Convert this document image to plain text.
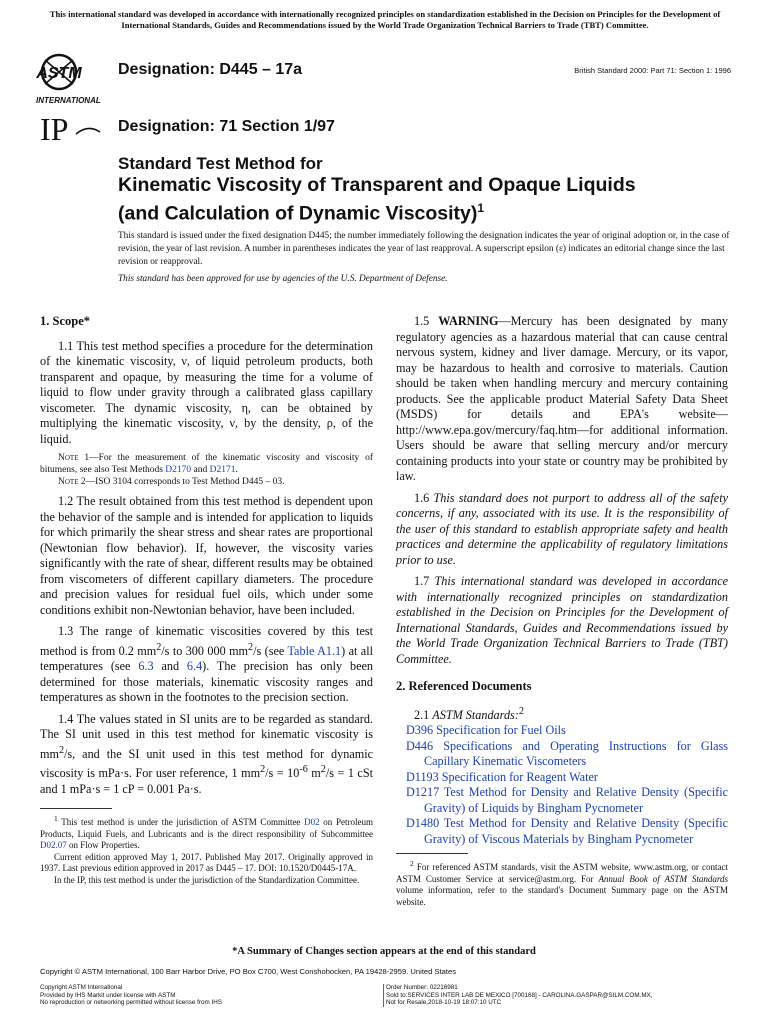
This international standard was developed in accordance with internationally recognized principles on standardization established in the Decision on Principles for the Development of International Standards, Guides and Recommendations issued by the World Trade Organization Technical Barriers to Trade (TBT) Committee.
ASTM
INTERNATIONAL
Designation: D445 – 17a	British Standard 2000: Part 71: Section 1: 1996
IP	Designation: 71 Section 1/97
Standard Test Method for
Kinematic Viscosity of Transparent and Opaque Liquids
(and Calculation of Dynamic Viscosity)$^1$

This standard is issued under the fixed designation D445; the number immediately following the designation indicates the year of original adoption or, in the case of revision, the year of last revision. A number in parentheses indicates the year of last reapproval. A superscript epsilon (ε) indicates an editorial change since the last revision or reapproval.

This standard has been approved for use by agencies of the U.S. Department of Defense.

1. Scope*

1.1 This test method specifies a procedure for the determination of the kinematic viscosity, ν, of liquid petroleum products, both transparent and opaque, by measuring the time for a volume of liquid to flow under gravity through a calibrated glass capillary viscometer. The dynamic viscosity, η, can be obtained by multiplying the kinematic viscosity, ν, by the density, ρ, of the liquid.

Note 1—For the measurement of the kinematic viscosity and viscosity of bitumens, see also Test Methods D2170 and D2171.

Note 2—ISO 3104 corresponds to Test Method D445 – 03.

1.2 The result obtained from this test method is dependent upon the behavior of the sample and is intended for application to liquids for which primarily the shear stress and shear rates are proportional (Newtonian flow behavior). If, however, the viscosity varies significantly with the rate of shear, different results may be obtained from viscometers of different capillary diameters. The procedure and precision values for residual fuel oils, which under some conditions exhibit non-Newtonian behavior, have been included.

1.3 The range of kinematic viscosities covered by this test method is from 0.2 $mm^2/s$ to 300 000 $mm^2/s$ (see Table A1.1) at all temperatures (see 6.3 and 6.4). The precision has only been determined for those materials, kinematic viscosity ranges and temperatures as shown in the footnotes to the precision section.

1.4 The values stated in SI units are to be regarded as standard. The SI unit used in this test method for kinematic viscosity is $mm^2/s$, and the SI unit used in this test method for dynamic viscosity is mPa·s. For user reference, 1 $mm^2/s = 10^{-6}$ $m^2/s = 1$ cSt and 1 mPa·s = 1 cP = 0.001 Pa·s.

1.5 WARNING—Mercury has been designated by many regulatory agencies as a hazardous material that can cause central nervous system, kidney and liver damage. Mercury, or its vapor, may be hazardous to health and corrosive to materials. Caution should be taken when handling mercury and mercury containing products. See the applicable product Material Safety Data Sheet (MSDS) for details and EPA's website—http://www.epa.gov/mercury/faq.htm—for additional information. Users should be aware that selling mercury and/or mercury containing products into your state or country may be prohibited by law.

1.6 This standard does not purport to address all of the safety concerns, if any, associated with its use. It is the responsibility of the user of this standard to establish appropriate safety and health practices and determine the applicability of regulatory limitations prior to use.

1.7 This international standard was developed in accordance with internationally recognized principles on standardization established in the Decision on Principles for the Development of International Standards, Guides and Recommendations issued by the World Trade Organization Technical Barriers to Trade (TBT) Committee.

2. Referenced Documents

2.1 ASTM Standards:$^2$

D396 Specification for Fuel Oils
D446 Specifications and Operating Instructions for Glass Capillary Kinematic Viscometers
D1193 Specification for Reagent Water
D1217 Test Method for Density and Relative Density (Specific Gravity) of Liquids by Bingham Pycnometer
D1480 Test Method for Density and Relative Density (Specific Gravity) of Viscous Materials by Bingham Pycnometer

$^1$ This test method is under the jurisdiction of ASTM Committee D02 on Petroleum Products, Liquid Fuels, and Lubricants and is the direct responsibility of Subcommittee D02.07 on Flow Properties.

Current edition approved May 1, 2017. Published May 2017. Originally approved in 1937. Last previous edition approved in 2017 as D445 – 17. DOI: 10.1520/D0445-17A.

In the IP, this test method is under the jurisdiction of the Standardization Committee.

$^2$ For referenced ASTM standards, visit the ASTM website, www.astm.org, or contact ASTM Customer Service at service@astm.org. For Annual Book of ASTM Standards volume information, refer to the standard's Document Summary page on the ASTM website.

*A Summary of Changes section appears at the end of this standard
Copyright © ASTM International, 100 Barr Harbor Drive, PO Box C700, West Conshohocken, PA 19428-2959. United States
Copyright ASTM International
Provided by IHS Markit under license with ASTM
No reproduction or networking permitted without license from IHS
Order Number: 02216981
Sold to:SERVICES INTER LAB DE MEXICO [700168] - CAROLINA.GASPAR@SILM.COM.MX,
Not for Resale,2018-10-19 18:07:10 UTC
